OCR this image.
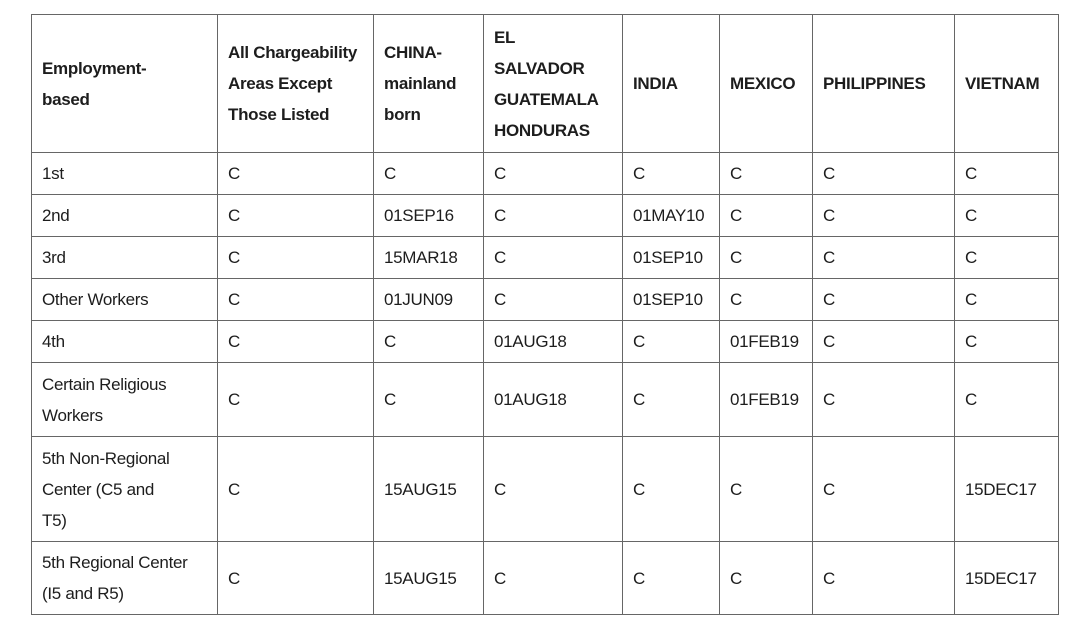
Employment-based	All Chargeability Areas Except Those Listed	CHINA-mainland born	EL SALVADOR GUATEMALA HONDURAS	INDIA	MEXICO	PHILIPPINES	VIETNAM
1st	C	C	C	C	C	C	C
2nd	C	01SEP16	C	01MAY10	C	C	C
3rd	C	15MAR18	C	01SEP10	C	C	C
Other Workers	C	01JUN09	C	01SEP10	C	C	C
4th	C	C	01AUG18	C	01FEB19	C	C
Certain Religious Workers	C	C	01AUG18	C	01FEB19	C	C
5th Non-Regional Center (C5 and T5)	C	15AUG15	C	C	C	C	15DEC17
5th Regional Center (I5 and R5)	C	15AUG15	C	C	C	C	15DEC17
